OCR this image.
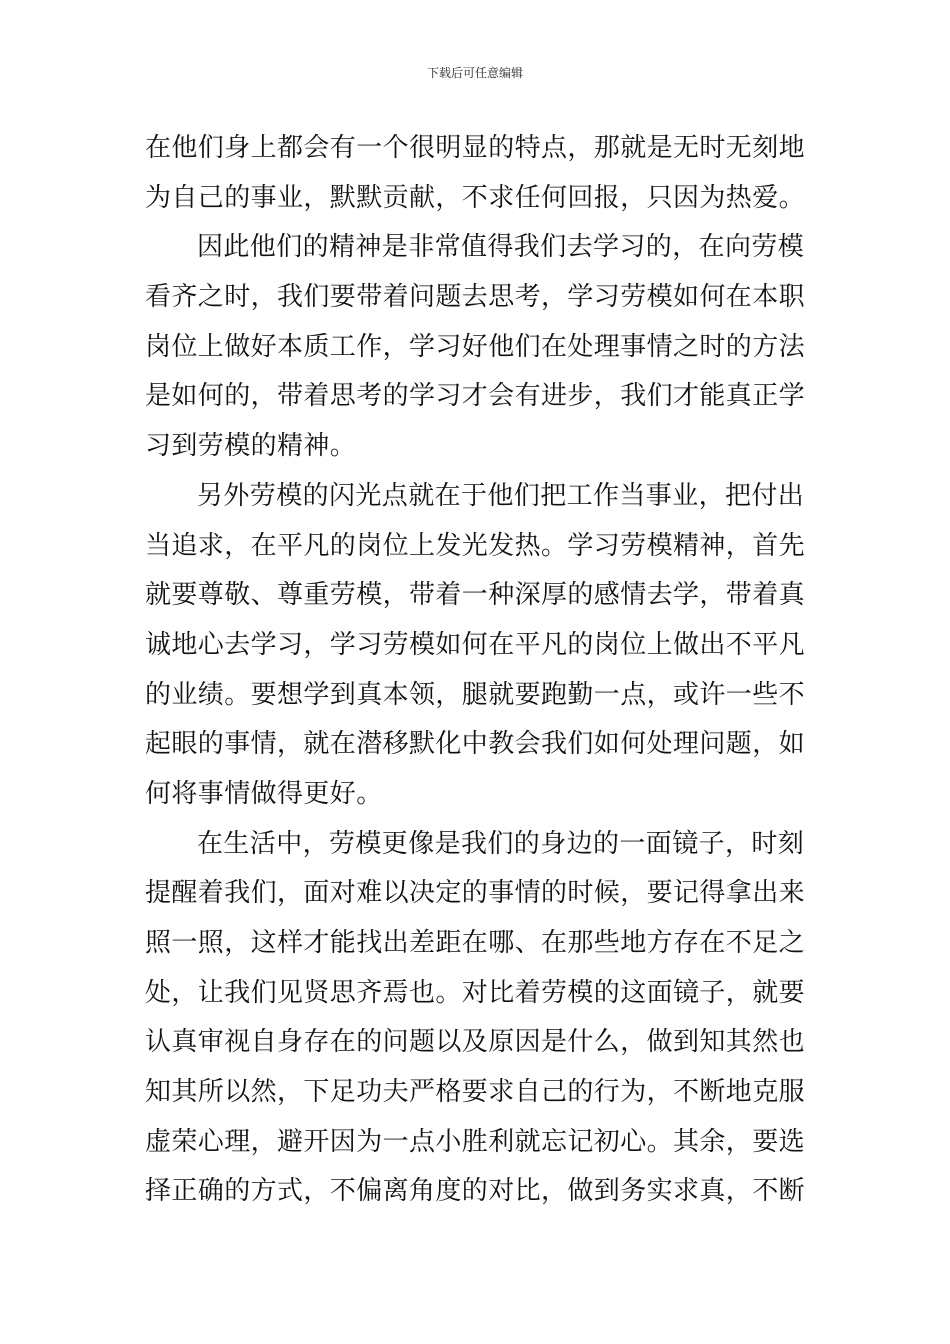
下载后可任意编辑
在他们身上都会有一个很明显的特点，那就是无时无刻地
为自己的事业，默默贡献，不求任何回报，只因为热爱。
因此他们的精神是非常值得我们去学习的，在向劳模
看齐之时，我们要带着问题去思考，学习劳模如何在本职
岗位上做好本质工作，学习好他们在处理事情之时的方法
是如何的，带着思考的学习才会有进步，我们才能真正学
习到劳模的精神。
另外劳模的闪光点就在于他们把工作当事业，把付出
当追求，在平凡的岗位上发光发热。学习劳模精神，首先
就要尊敬、尊重劳模，带着一种深厚的感情去学，带着真
诚地心去学习，学习劳模如何在平凡的岗位上做出不平凡
的业绩。要想学到真本领，腿就要跑勤一点，或许一些不
起眼的事情，就在潜移默化中教会我们如何处理问题，如
何将事情做得更好。
在生活中，劳模更像是我们的身边的一面镜子，时刻
提醒着我们，面对难以决定的事情的时候，要记得拿出来
照一照，这样才能找出差距在哪、在那些地方存在不足之
处，让我们见贤思齐焉也。对比着劳模的这面镜子，就要
认真审视自身存在的问题以及原因是什么，做到知其然也
知其所以然，下足功夫严格要求自己的行为，不断地克服
虚荣心理，避开因为一点小胜利就忘记初心。其余，要选
择正确的方式，不偏离角度的对比，做到务实求真，不断
